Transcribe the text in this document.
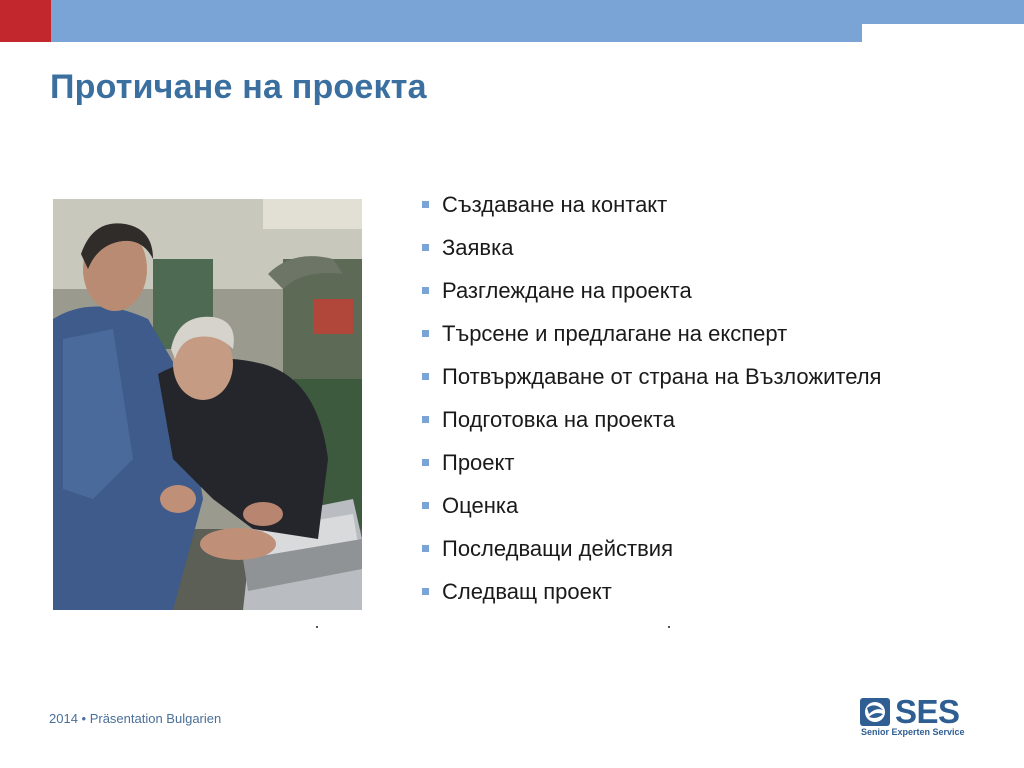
Протичане на проекта
Създаване на контакт
Заявка
Разглеждане на проекта
Търсене и предлагане на експерт
Потвърждаване от страна на Възложителя
Подготовка на проекта
Проект
Оценка
Последващи действия
Следващ проект
2014 • Präsentation Bulgarien	SES
Senior Experten Service
